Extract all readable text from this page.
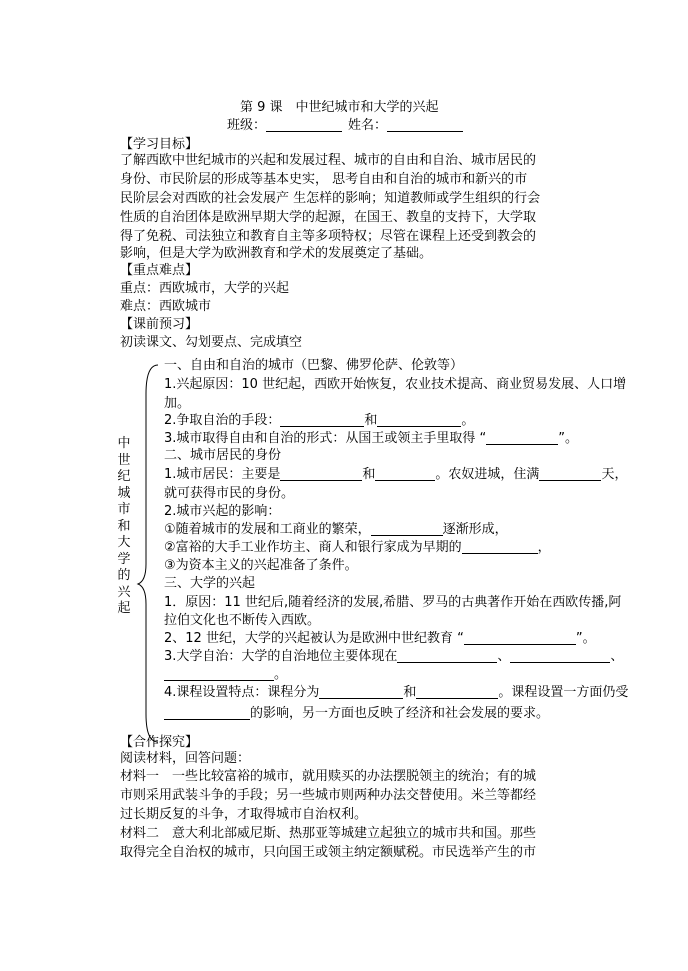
第 9 课　中世纪城市和大学的兴起
班级：	姓名：
【学习目标】
了解西欧中世纪城市的兴起和发展过程、城市的自由和自治、城市居民的
身份、市民阶层的形成等基本史实， 思考自由和自治的城市和新兴的市
民阶层会对西欧的社会发展产 生怎样的影响；知道教师或学生组织的行会
性质的自治团体是欧洲早期大学的起源，在国王、教皇的支持下，大学取
得了免税、司法独立和教育自主等多项特权；尽管在课程上还受到教会的
影响，但是大学为欧洲教育和学术的发展奠定了基础。
【重点难点】
重点：西欧城市，大学的兴起
难点：西欧城市
【课前预习】
初读课文、勾划要点、完成填空
中世纪城市和大学的兴起
一、自由和自治的城市（巴黎、佛罗伦萨、伦敦等）
1.兴起原因：10 世纪起，西欧开始恢复，农业技术提高、商业贸易发展、人口增
加。
2.争取自治的手段：	和	。
3.城市取得自由和自治的形式：从国王或领主手里取得 “	”。
二、城市居民的身份
1.城市居民：主要是	和	。农奴进城，住满	天，
就可获得市民的身份。
2.城市兴起的影响：
①随着城市的发展和工商业的繁荣，	逐渐形成，
②富裕的大手工业作坊主、商人和银行家成为早期的	，
③为资本主义的兴起准备了条件。
三、大学的兴起
1．原因：11 世纪后,随着经济的发展,希腊、罗马的古典著作开始在西欧传播,阿
拉伯文化也不断传入西欧。
2、12 世纪，大学的兴起被认为是欧洲中世纪教育 “	”。
3.大学自治：大学的自治地位主要体现在	、	、
。
4.课程设置特点：课程分为	和	。课程设置一方面仍受
的影响，另一方面也反映了经济和社会发展的要求。
【合作探究】
阅读材料，回答问题：
材料一　一些比较富裕的城市，就用赎买的办法摆脱领主的统治；有的城
市则采用武装斗争的手段；另一些城市则两种办法交替使用。米兰等都经
过长期反复的斗争，才取得城市自治权利。
材料二　意大利北部威尼斯、热那亚等城建立起独立的城市共和国。那些
取得完全自治权的城市，只向国王或领主纳定额赋税。市民选举产生的市
